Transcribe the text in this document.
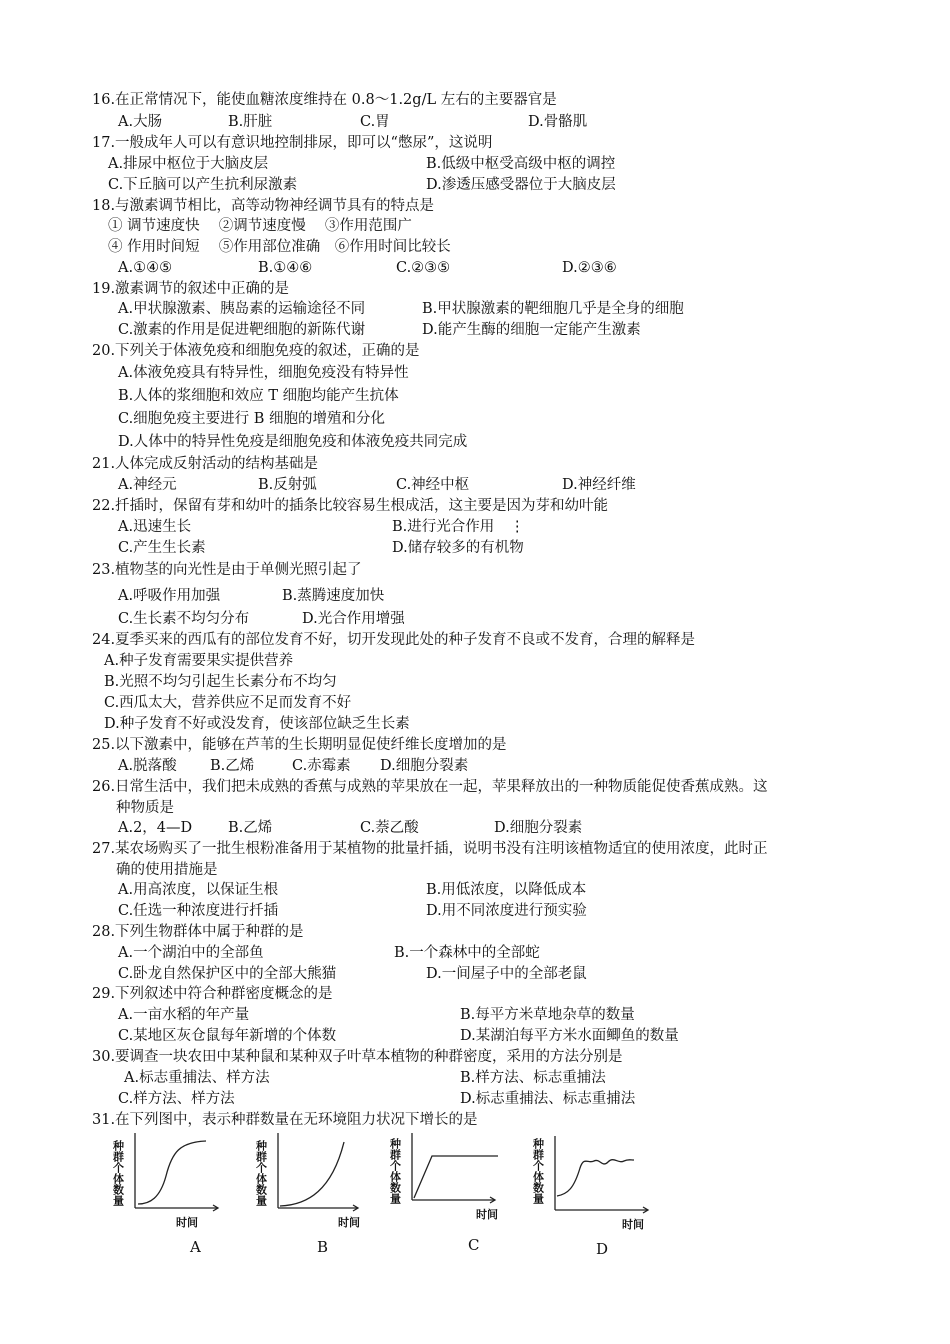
16.在正常情况下，能使血糖浓度维持在 0.8～1.2g/L 左右的主要器官是
A.大肠	B.肝脏	C.胃	D.骨骼肌
17.一般成年人可以有意识地控制排尿，即可以“憋尿”，这说明
A.排尿中枢位于大脑皮层	B.低级中枢受高级中枢的调控
C.下丘脑可以产生抗利尿激素	D.渗透压感受器位于大脑皮层
18.与激素调节相比，高等动物神经调节具有的特点是
① 调节速度快　 ②调节速度慢　 ③作用范围广
④ 作用时间短　 ⑤作用部位准确　⑥作用时间比较长
A.①④⑤	B.①④⑥	C.②③⑤	D.②③⑥
19.激素调节的叙述中正确的是
A.甲状腺激素、胰岛素的运输途径不同	B.甲状腺激素的靶细胞几乎是全身的细胞
C.激素的作用是促进靶细胞的新陈代谢	D.能产生酶的细胞一定能产生激素
20.下列关于体液免疫和细胞免疫的叙述，正确的是
A.体液免疫具有特异性，细胞免疫没有特异性
B.人体的浆细胞和效应 T 细胞均能产生抗体
C.细胞免疫主要进行 B 细胞的增殖和分化
D.人体中的特异性免疫是细胞免疫和体液免疫共同完成
21.人体完成反射活动的结构基础是
A.神经元	B.反射弧	C.神经中枢	D.神经纤维
22.扦插时，保留有芽和幼叶的插条比较容易生根成活，这主要是因为芽和幼叶能
A.迅速生长	B.进行光合作用 ⋮
C.产生生长素	D.储存较多的有机物
23.植物茎的向光性是由于单侧光照引起了
A.呼吸作用加强	B.蒸腾速度加快
C.生长素不均匀分布	D.光合作用增强
24.夏季买来的西瓜有的部位发育不好，切开发现此处的种子发育不良或不发育，合理的解释是
A.种子发育需要果实提供营养
B.光照不均匀引起生长素分布不均匀
C.西瓜太大，营养供应不足而发育不好
D.种子发育不好或没发育，使该部位缺乏生长素
25.以下激素中，能够在芦苇的生长期明显促使纤维长度增加的是
A.脱落酸 B.乙烯	C.赤霉素 D.细胞分裂素
26.日常生活中，我们把未成熟的香蕉与成熟的苹果放在一起，苹果释放出的一种物质能促使香蕉成熟。这
种物质是
A.2，4—D B.乙烯	C.萘乙酸	D.细胞分裂素
27.某农场购买了一批生根粉准备用于某植物的批量扦插，说明书没有注明该植物适宜的使用浓度，此时正
确的使用措施是
A.用高浓度，以保证生根	B.用低浓度，以降低成本
C.任选一种浓度进行扦插	D.用不同浓度进行预实验
28.下列生物群体中属于种群的是
A.一个湖泊中的全部鱼	B.一个森林中的全部蛇
C.卧龙自然保护区中的全部大熊猫	D.一间屋子中的全部老鼠
29.下列叙述中符合种群密度概念的是
A.一亩水稻的年产量	B.每平方米草地杂草的数量
C.某地区灰仓鼠每年新增的个体数	D.某湖泊每平方米水面鲫鱼的数量
30.要调查一块农田中某种鼠和某种双子叶草本植物的种群密度，采用的方法分别是
A.标志重捕法、样方法	B.样方法、标志重捕法
C.样方法、样方法	D.标志重捕法、标志重捕法
31.在下列图中，表示种群数量在无环境阻力状况下增长的是
种群个体数量	种群个体数量	种群个体数量	种群个体数量
时间	时间
时间
时间
A	B	C	D
